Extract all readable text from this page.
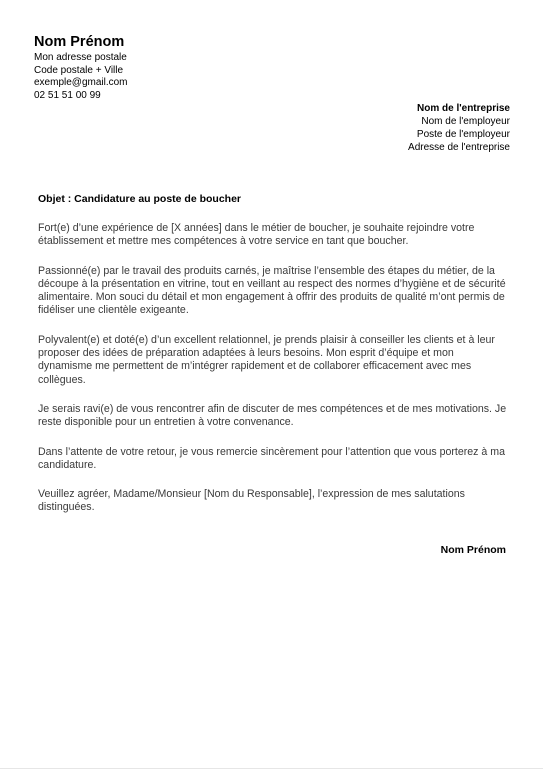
Nom Prénom
Mon adresse postale
Code postale + Ville
exemple@gmail.com
02 51 51 00 99
Nom de l'entreprise
Nom de l'employeur
Poste de l'employeur
Adresse de l'entreprise
Objet : Candidature au poste de boucher

Fort(e) d’une expérience de [X années] dans le métier de boucher, je souhaite rejoindre votre établissement et mettre mes compétences à votre service en tant que boucher.

Passionné(e) par le travail des produits carnés, je maîtrise l’ensemble des étapes du métier, de la découpe à la présentation en vitrine, tout en veillant au respect des normes d’hygiène et de sécurité alimentaire. Mon souci du détail et mon engagement à offrir des produits de qualité m’ont permis de fidéliser une clientèle exigeante.

Polyvalent(e) et doté(e) d’un excellent relationnel, je prends plaisir à conseiller les clients et à leur proposer des idées de préparation adaptées à leurs besoins. Mon esprit d’équipe et mon dynamisme me permettent de m’intégrer rapidement et de collaborer efficacement avec mes collègues.

Je serais ravi(e) de vous rencontrer afin de discuter de mes compétences et de mes motivations. Je reste disponible pour un entretien à votre convenance.

Dans l’attente de votre retour, je vous remercie sincèrement pour l’attention que vous porterez à ma candidature.

Veuillez agréer, Madame/Monsieur [Nom du Responsable], l’expression de mes salutations distinguées.

Nom Prénom
